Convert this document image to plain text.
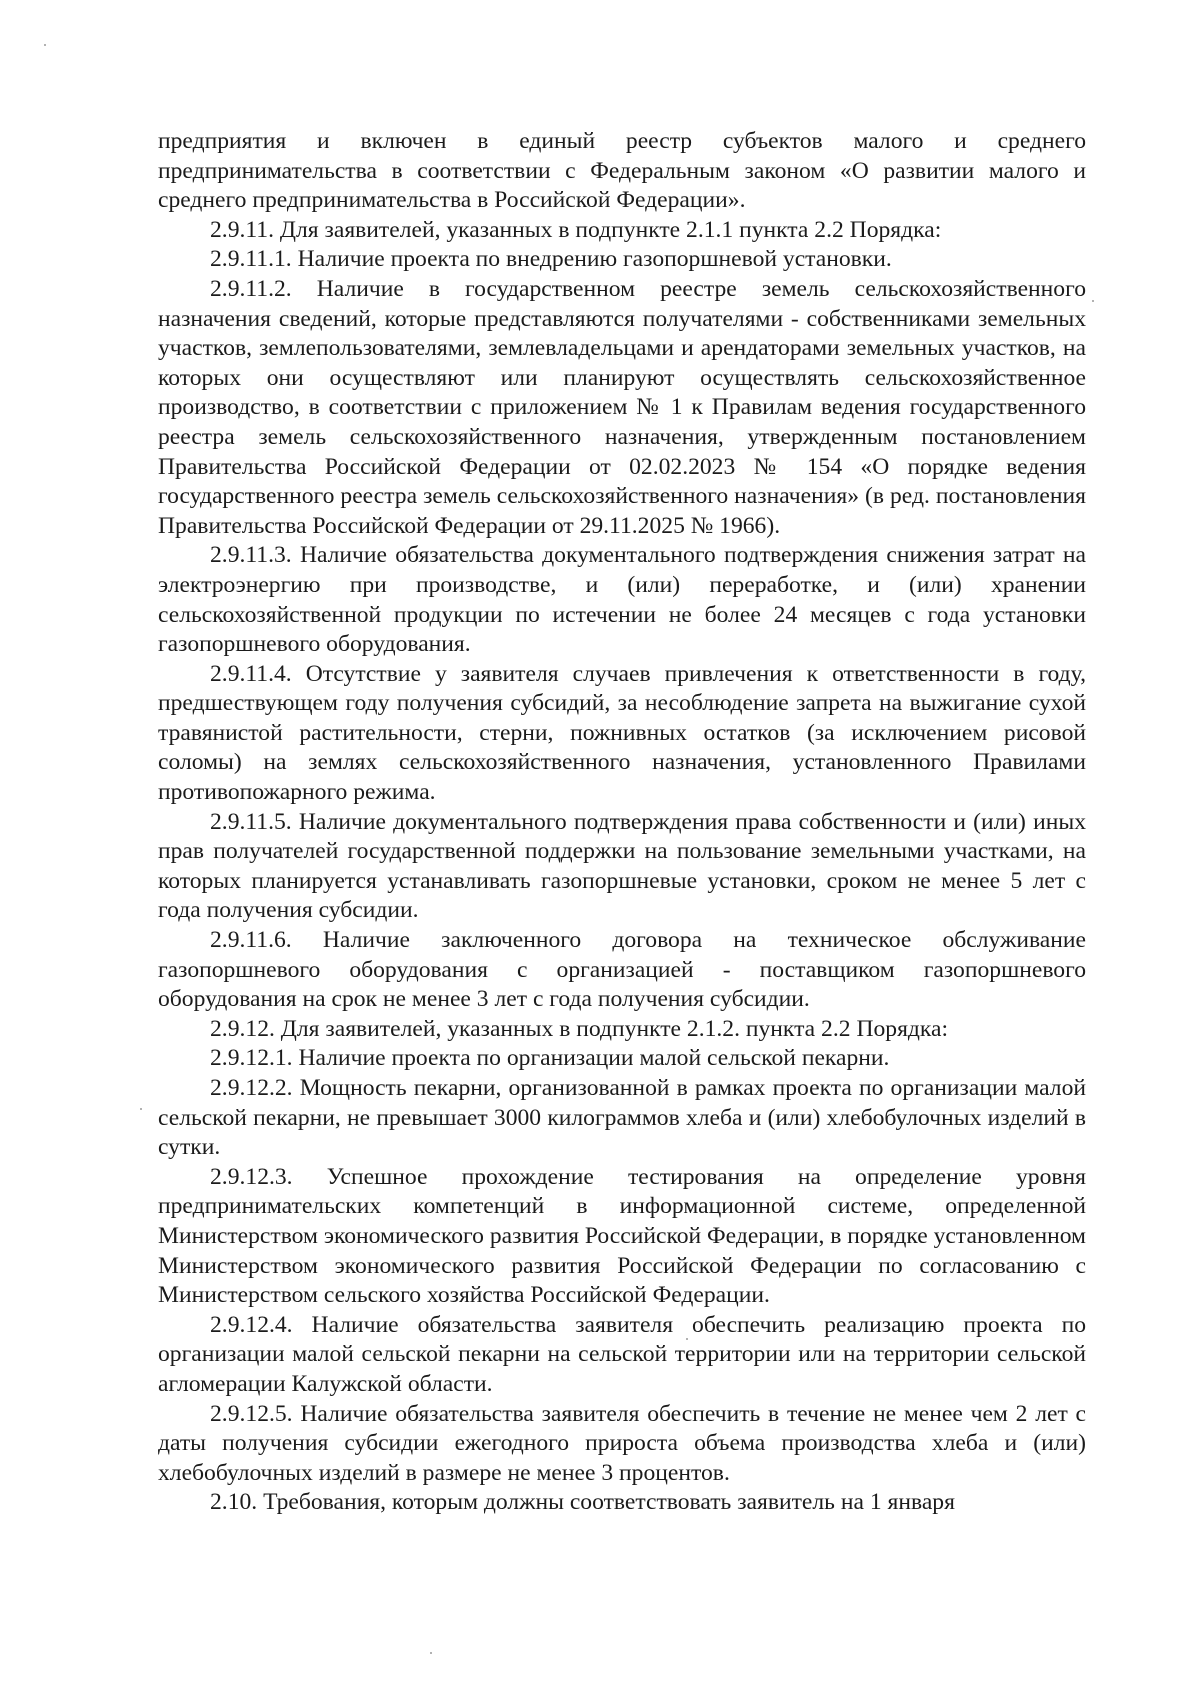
предприятия и включен в единый реестр субъектов малого и среднего предпринимательства в соответствии с Федеральным законом «О развитии малого и среднего предпринимательства в Российской Федерации».

2.9.11. Для заявителей, указанных в подпункте 2.1.1 пункта 2.2 Порядка:

2.9.11.1. Наличие проекта по внедрению газопоршневой установки.

2.9.11.2. Наличие в государственном реестре земель сельскохозяйственного назначения сведений, которые представляются получателями - собственниками земельных участков, землепользователями, землевладельцами и арендаторами земельных участков, на которых они осуществляют или планируют осуществлять сельскохозяйственное производство, в соответствии с приложением № 1 к Правилам ведения государственного реестра земель сельскохозяйственного назначения, утвержденным постановлением Правительства Российской Федерации от 02.02.2023 № 154 «О порядке ведения государственного реестра земель сельскохозяйственного назначения» (в ред. постановления Правительства Российской Федерации от 29.11.2025 № 1966).

2.9.11.3. Наличие обязательства документального подтверждения снижения затрат на электроэнергию при производстве, и (или) переработке, и (или) хранении сельскохозяйственной продукции по истечении не более 24 месяцев с года установки газопоршневого оборудования.

2.9.11.4. Отсутствие у заявителя случаев привлечения к ответственности в году, предшествующем году получения субсидий, за несоблюдение запрета на выжигание сухой травянистой растительности, стерни, пожнивных остатков (за исключением рисовой соломы) на землях сельскохозяйственного назначения, установленного Правилами противопожарного режима.

2.9.11.5. Наличие документального подтверждения права собственности и (или) иных прав получателей государственной поддержки на пользование земельными участками, на которых планируется устанавливать газопоршневые установки, сроком не менее 5 лет с года получения субсидии.

2.9.11.6. Наличие заключенного договора на техническое обслуживание газопоршневого оборудования с организацией - поставщиком газопоршневого оборудования на срок не менее 3 лет с года получения субсидии.

2.9.12. Для заявителей, указанных в подпункте 2.1.2. пункта 2.2 Порядка:

2.9.12.1. Наличие проекта по организации малой сельской пекарни.

2.9.12.2. Мощность пекарни, организованной в рамках проекта по организации малой сельской пекарни, не превышает 3000 килограммов хлеба и (или) хлебобулочных изделий в сутки.

2.9.12.3. Успешное прохождение тестирования на определение уровня предпринимательских компетенций в информационной системе, определенной Министерством экономического развития Российской Федерации, в порядке установленном Министерством экономического развития Российской Федерации по согласованию с Министерством сельского хозяйства Российской Федерации.

2.9.12.4. Наличие обязательства заявителя обеспечить реализацию проекта по организации малой сельской пекарни на сельской территории или на территории сельской агломерации Калужской области.

2.9.12.5. Наличие обязательства заявителя обеспечить в течение не менее чем 2 лет с даты получения субсидии ежегодного прироста объема производства хлеба и (или) хлебобулочных изделий в размере не менее 3 процентов.

2.10. Требования, которым должны соответствовать заявитель на 1 января
